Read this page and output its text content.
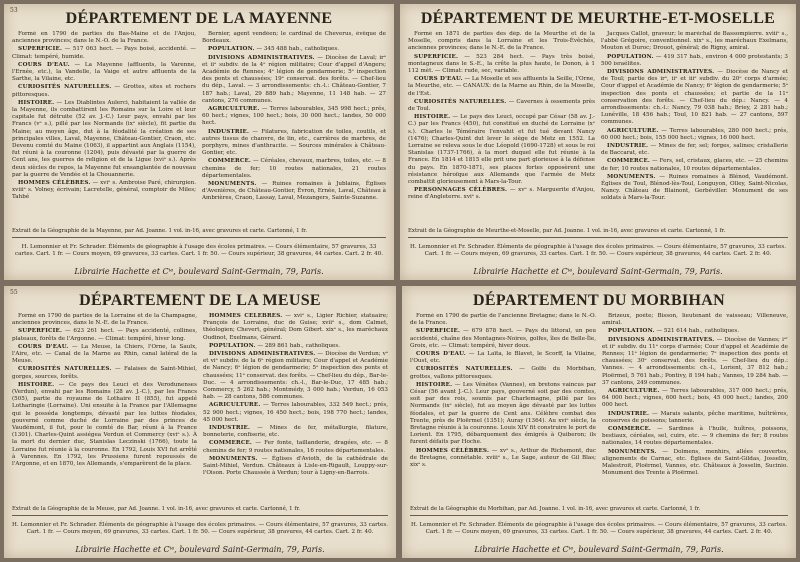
53	DÉPARTEMENT DE LA MAYENNE

Formé en 1790 de parties du Bas-Maine et de l'Anjou, anciennes provinces; dans le N.-O. de la France.

SUPERFICIE. — 517 063 hect. — Pays boisé, accidenté. — Climat: tempéré, humide.

COURS D'EAU. — La Mayenne (affluents, la Varenne, l'Ernée, etc.), la Vandelle, la Vaige et autre affluents de la Sarthe, la Vilaine, etc.

CURIOSITÉS NATURELLES. — Grottes, sites et rochers pittoresques.

HISTOIRE. — Les Diablintes Aulerci, habitaient la vallée de la Mayenne, ils combattirent les Romains sur la Loire et leur capitale fut détruite (52 av. J.-C.) Leur pays, envahi par les Francs (vᵉ s.), pillé par les Normands (ixᵉ siècle), fit partie du Maine; au moyen âge, dut à la féodalité la création de ses principales villes, Laval, Mayenne, Château-Gontier, Craon, etc. Devenu comté du Maine (1063), il appartint aux Anglais (1154), fut réuni à la couronne (1204), puis dévasté par la guerre de Cent ans, les guerres de religion et de la Ligue (xviᵉ s.). Après deux siècles de repos, la Mayenne fut ensanglantée de nouveau par la guerre de Vendée et la Chouannerie.

HOMMES CÉLÈBRES. — xviᵉ s. Ambroise Paré, chirurgien. xviiiᵉ s. Volney, écrivain; Lacretelle, général, comptoir de Miles; Tahbé

Bernier, agent vendéen; le cardinal de Cheverus, évêque de Bordeaux.

POPULATION. — 345 488 hab., catholiques.

DIVISIONS ADMINISTRATIVES. — Diocèse de Laval; irᵉ et iiᵉ subdiv. de la 4ᵉ région militaire; Cour d'appel d'Angers; Académie de Rennes; 4ᵉ légion de gendarmerie; 5ᵉ inspection des ponts et chaussées; 19ᵉ conservat. des forêts. — Chef-lieu du dép., Laval. — 3 arrondissements: ch.-l.: Château-Gontier, 7 187 hab.; Laval, 29 889 hab.; Mayenne, 11 148 hab. — 27 cantons, 276 communes.

AGRICULTURE. — Terres labourables, 345 998 hect.; prés, 60 hect.; vignes, 100 hect.; bois, 30 000 hect.; landes, 50 000 hect.

INDUSTRIE. — Filatures, fabrication de toiles, coutils, et autres tissus de chanvre, de lin, etc., carrières de marbres, de porphyre, mines d'anthracite. — Sources minérales à Château-Gontier, etc.

COMMERCE. — Céréales, chevaux, marbres, toiles, etc. — 8 chemins de fer; 10 routes nationales, 21 routes départementales.

MONUMENTS. — Ruines romaines à Jublains, Églises d'Avenières, de Château-Gontier, Évron, Ernée, Laval, Château à Ambrières, Craon, Lassay, Laval, Mezangers, Sainte-Suzanne.

Extrait de la Géographie de la Mayenne, par Ad. Joanne. 1 vol. in-16, avec gravures et carte. Cartonné, 1 fr.
H. Lemonnier et Fr. Schrader. Éléments de géographie à l'usage des écoles primaires. — Cours élémentaire, 57 gravures, 33 cartes. Cart. 1 fr. — Cours moyen, 69 gravures, 33 cartes. Cart. 1 fr. 50. — Cours supérieur, 38 gravures, 44 cartes. Cart. 2 fr. 40.
Librairie Hachette et Cⁱᵉ, boulevard Saint-Germain, 79, Paris.
DÉPARTEMENT DE MEURTHE-ET-MOSELLE

Formé en 1871 de parties des dép. de la Meurthe et de la Moselle, compris dans la Lorraine et les Trois-Évêchés, anciennes provinces; dans le N.-E. de la France.

SUPERFICIE. — 523 284 hect. — Pays très boisé, montagneux dans le S.-E., la crête la plus haute, le Donon, à 1 112 mèt. — Climat: rude, sec, variable.

COURS D'EAU. — La Moselle et ses affluents la Seille, l'Orne, la Meurthe, etc. — CANAUX: de la Marne au Rhin, de la Moselle, de l'Est.

CURIOSITÉS NATURELLES. — Cavernes à ossements près de Toul.

HISTOIRE. — Le pays des Leuci, occupé par César (58 av. J.-C.) par les Francs (450), fut constitué en duché de Lorraine (xᵉ s.). Charles le Téméraire l'envahit et fut tué devant Nancy (1476); Charles-Quint dut lever le siège de Metz en 1552. La Lorraine se releva sous le duc Léopold (1690-1728) et sous le roi Stanislas (1737-1766), à la mort duquel elle fut réunie à la France. En 1814 et 1815 elle prit une part glorieuse à la défense du pays. En 1870-1871, ses places fortes opposèrent une résistance héroïque aux Allemands que l'armée de Metz combattit glorieusement à Mars-la-Tour.

PERSONNAGES CÉLÈBRES. — xvᵉ s. Marguerite d'Anjou, reine d'Angleterre. xviᵉ s.

Jacques Callot, graveur; le maréchal de Bassompierre. xviiiᵉ s., l'abbé Grégoire, conventionnel. xixᵉ s., les maréchaux Exelmans, Mouton et Duroc; Drouot, général; de Rigny, amiral.

POPULATION. — 419 317 hab., environ 4 000 protestants; 3 500 israélites.

DIVISIONS ADMINISTRATIVES. — Diocèse de Nancy et de Toul; partie des irᵉ, iiᵉ et iiiᵉ subdiv. du 20ᵉ corps d'armée; Cour d'appel et Académie de Nancy; 6ᵉ légion de gendarmerie; 5ᵉ inspection des ponts et chaussées; et partie de la 11ᵉ conservation des forêts. — Chef-lieu du dép.: Nancy. — 4 arrondissements: ch.-l.: Nancy, 79 038 hab.; Briey, 2 281 hab.; Lunéville, 18 456 hab.; Toul, 10 821 hab. — 27 cantons, 597 communes.

AGRICULTURE. — Terres labourables, 280 000 hect.; prés, 60 000 hect.; bois, 155 000 hect.; vignes, 16 000 hect.

INDUSTRIE. — Mines de fer, sel; forges, salines; cristallerie de Baccarat, etc.

COMMERCE. — Fers, sel, cristaux, glaces, etc. — 25 chemins de fer; 10 routes nationales, 10 routes départementales.

MONUMENTS. — Ruines romaines à Blénod, Vaudémont. Églises de Toul, Blénod-lès-Toul, Longuyon, Olley, Saint-Nicolas, Nancy. Château de Blainont, Gerbéviller. Monument de ses soldats à Mars-la-Tour.

Extrait de la Géographie de Meurthe-et-Moselle, par Ad. Joanne. 1 vol. in-16, avec gravures et carte. Cartonné, 1 fr.
H. Lemonnier et Fr. Schrader. Éléments de géographie à l'usage des écoles primaires. — Cours élémentaire, 57 gravures, 33 cartes. Cart. 1 fr. — Cours moyen, 69 gravures, 33 cartes. Cart. 1 fr. 50. — Cours supérieur, 38 gravures, 44 cartes. Cart. 2 fr. 40.
Librairie Hachette et Cⁱᵉ, boulevard Saint-Germain, 79, Paris.
55	DÉPARTEMENT DE LA MEUSE

Formé en 1790 de parties de la Lorraine et de la Champagne, anciennes provinces, dans le N.-E. de la France.

SUPERFICIE. — 623 261 hect. — Pays accidenté, collines, plateaux, forêts de l'Argonne. — Climat: tempéré, hiver long.

COURS D'EAU. — La Meuse, la Chiers, l'Orne, la Saulx, l'Aire, etc. — Canal de la Marne au Rhin, canal latéral de la Meuse.

CURIOSITÉS NATURELLES. — Falaises de Saint-Mihiel, gorges, sources, forêts.

HISTOIRE. — Ce pays des Leuci et des Verodunenses (Verdun), envahi par les Romains (28 av. J.-C.), par les Francs (505), partie du royaume de Lothaire II (855), fut appelé Lotharingie (Lorraine). Uni ensuite à la France par l'Allemagne qui le posséda longtemps, dévasté par les luttes féodales, gouverné comme duché de Lorraine par des princes de Vaudémont, il fut, pour le comté de Bar, réuni à la France (1301). Charles-Quint assiégea Verdun et Commercy (xviᵉ s.). À la mort du dernier duc, Stanislas Leczinski (1766), toute la Lorraine fut réunie à la couronne. En 1792, Louis XVI fut arrêté à Varennes. En 1792, les Prussiens furent repoussés de l'Argonne, et en 1870, les Allemands, s'emparèrent de la place.

HOMMES CÉLÈBRES. — xviᵉ s., Ligier Richier, statuaire; François de Lorraine, duc de Guise; xviiᵉ s., dom Calmet, théologien; Chevert, général; Dom Gibert. xixᵉ s., les maréchaux Oudinot, Exelmans, Gérard.

POPULATION. — 289 861 hab., catholiques.

DIVISIONS ADMINISTRATIVES. — Diocèse de Verdun; vᵉ et viᵉ subdiv. de la 6ᵉ région militaire; Cour d'appel et Académie de Nancy; 6ᵉ légion de gendarmerie; 5ᵉ inspection des ponts et chaussées; 11ᵉ conservat. des forêts. — Chef-lieu du dép., Bar-le-Duc. — 4 arrondissements: ch.-l., Bar-le-Duc, 17 485 hab.; Commercy, 5 262 hab.; Montmédy, 3 000 hab.; Verdun, 16 053 hab. — 28 cantons, 586 communes.

AGRICULTURE. — Terres labourables, 332 549 hect.; prés, 52 900 hect.; vignes, 16 450 hect.; bois, 198 770 hect.; landes, 45 000 hect.

INDUSTRIE. — Mines de fer, métallurgie, filature, bonneterie, confiserie, etc.

COMMERCE. — Fer fonte, taillanderie, dragées, etc. — 8 chemins de fer; 9 routes nationales, 16 routes départementales.

MONUMENTS. — Églises d'Avioth, de la cathédrale de Saint-Mihiel, Verdun. Châteaux à Lisle-en-Rigault, Louppy-sur-l'Oison. Porte Chaussée à Verdun; tour à Ligny-en-Barrois.

Extrait de la Géographie de la Meuse, par Ad. Joanne. 1 vol. in-16, avec gravures et carte. Cartonné, 1 fr.
H. Lemonnier et Fr. Schrader. Éléments de géographie à l'usage des écoles primaires. — Cours élémentaire, 57 gravures, 33 cartes. Cart. 1 fr. — Cours moyen, 69 gravures, 33 cartes. Cart. 1 fr. 50. — Cours supérieur, 38 gravures, 44 cartes. Cart. 2 fr. 40.
Librairie Hachette et Cⁱᵉ, boulevard Saint-Germain, 79, Paris.
DÉPARTEMENT DU MORBIHAN

Formé en 1790 de partie de l'ancienne Bretagne; dans le N.-O. de la France.

SUPERFICIE. — 679 878 hect. — Pays du littoral, un peu accidenté, chaîne des Montagnes-Noires, golfes, îles de Belle-Île, Groix, etc. — Climat: tempéré, hiver doux.

COURS D'EAU. — La Laïta, le Blavet, le Scorff, la Vilaine, l'Oust, etc.

CURIOSITÉS NATURELLES. — Golfe du Morbihan, grottes, vallons pittoresques.

HISTOIRE. — Les Vénètes (Vannes), en bretons vaincus par César (56 avant J.-C.). Leur pays, gouverné soit par des comtes, soit par des rois, soumis par Charlemagne, pillé par les Normands (ixᵉ siècle), fut au moyen âge dévasté par les luttes féodales, et par la guerre de Cent ans. Célèbre combat des Trente, près de Ploërmel (1351); Auray (1364). Au xviᵉ siècle, la Bretagne réunie à la couronne. Louis XIV fit construire le port de Lorient. En 1795, débarquement des émigrés à Quiberon; ils furent défaits par Hoche.

HOMMES CÉLÈBRES. — xvᵉ s., Arthur de Richemont, duc de Bretagne, connétable. xviiiᵉ s., Le Sage, auteur de Gil Blas; xixᵉ s.

Brizeux, poète; Bisson, lieutenant de vaisseau; Villeneuve, amiral.

POPULATION. — 521 614 hab., catholiques.

DIVISIONS ADMINISTRATIVES. — Diocèse de Vannes; iᵉʳ et iiᵉ subdiv. du 11ᵉ corps d'armée; Cour d'appel et Académie de Rennes; 11ᵉ légion de gendarmerie; 7ᵉ inspection des ponts et chaussées; 30ᵉ conservat. des forêts. — Chef-lieu du dép.: Vannes. — 4 arrondissements: ch.-l., Lorient, 37 812 hab.; Ploërmel, 5 761 hab.; Pontivy, 8 194 hab.; Vannes, 19 284 hab. — 37 cantons, 249 communes.

AGRICULTURE. — Terres labourables, 317 000 hect.; prés, 64 000 hect.; vignes, 600 hect.; bois, 45 000 hect.; landes, 200 000 hect.

INDUSTRIE. — Marais salants, pêche maritime, huîtrières, conserves de poissons; tannerie.

COMMERCE. — Sardines à l'huile, huîtres, poissons, bestiaux, céréales, sel, cuirs, etc. — 9 chemins de fer; 8 routes nationales, 14 routes départementales.

MONUMENTS. — Dolmens, menhirs, allées couvertes, alignements de Carnac, etc. Églises de Saint-Gildas, Josselin, Malestroit, Ploërmel, Vannes, etc. Châteaux à Josselin, Sucinio. Monument des Trente à Ploërmel.

Extrait de la Géographie du Morbihan, par Ad. Joanne. 1 vol. in-16, avec gravures et carte. Cartonné, 1 fr.
H. Lemonnier et Fr. Schrader. Éléments de géographie à l'usage des écoles primaires. — Cours élémentaire, 57 gravures, 33 cartes. Cart. 1 fr. — Cours moyen, 69 gravures, 33 cartes. Cart. 1 fr. 50. — Cours supérieur, 38 gravures, 44 cartes. Cart. 2 fr. 40.
Librairie Hachette et Cⁱᵉ, boulevard Saint-Germain, 79, Paris.
